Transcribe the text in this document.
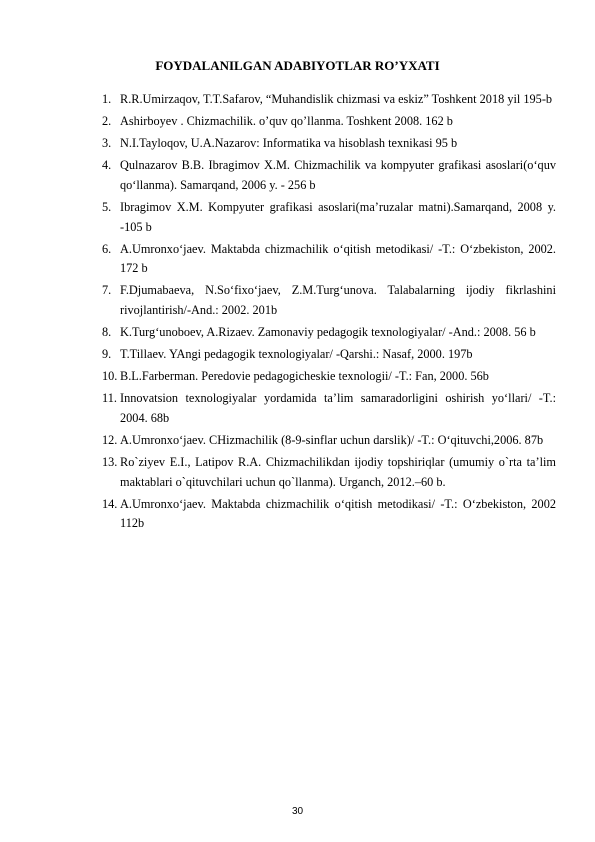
FOYDALANILGAN ADABIYOTLAR RO’YXATI
1. R.R.Umirzaqov, T.T.Safarov, “Muhandislik chizmasi va eskiz” Toshkent 2018 yil 195-b
2. Ashirboyev . Chizmachilik. o’quv qo’llanma. Toshkent 2008. 162 b
3. N.I.Tayloqov, U.A.Nazarov: Informatika va hisoblash texnikasi 95 b
4. Qulnazarov B.B. Ibragimov X.M. Chizmachilik va kompyuter grafikasi asoslari(o‘quv qo‘llanma). Samarqand, 2006 y. - 256 b
5. Ibragimov X.M. Kompyuter grafikasi asoslari(ma’ruzalar matni).Samarqand, 2008 y. -105 b
6. A.Umronxo‘jaev. Maktabda chizmachilik o‘qitish metodikasi/ -T.: O‘zbekiston, 2002. 172 b
7. F.Djumabaeva, N.So‘fixo‘jaev, Z.M.Turg‘unova. Talabalarning ijodiy fikrlashini rivojlantirish/-And.: 2002. 201b
8. K.Turg‘unoboev, A.Rizaev. Zamonaviy pedagogik texnologiyalar/ -And.: 2008. 56 b
9. T.Tillaev. YAngi pedagogik texnologiyalar/ -Qarshi.: Nasaf, 2000. 197b
10. B.L.Farberman. Peredovie pedagogicheskie texnologii/ -T.: Fan, 2000. 56b
11. Innovatsion texnologiyalar yordamida ta’lim samaradorligini oshirish yo‘llari/ -T.: 2004. 68b
12. A.Umronxo‘jaev. CHizmachilik (8-9-sinflar uchun darslik)/ -T.: O‘qituvchi,2006. 87b
13. Ro`ziyev E.I., Latipov R.A. Chizmachilikdan ijodiy topshiriqlar (umumiy o`rta ta’lim maktablari o`qituvchilari uchun qo`llanma). Urganch, 2012.–60 b.
14. A.Umronxo‘jaev. Maktabda chizmachilik o‘qitish metodikasi/ -T.: O‘zbekiston, 2002 112b
30
